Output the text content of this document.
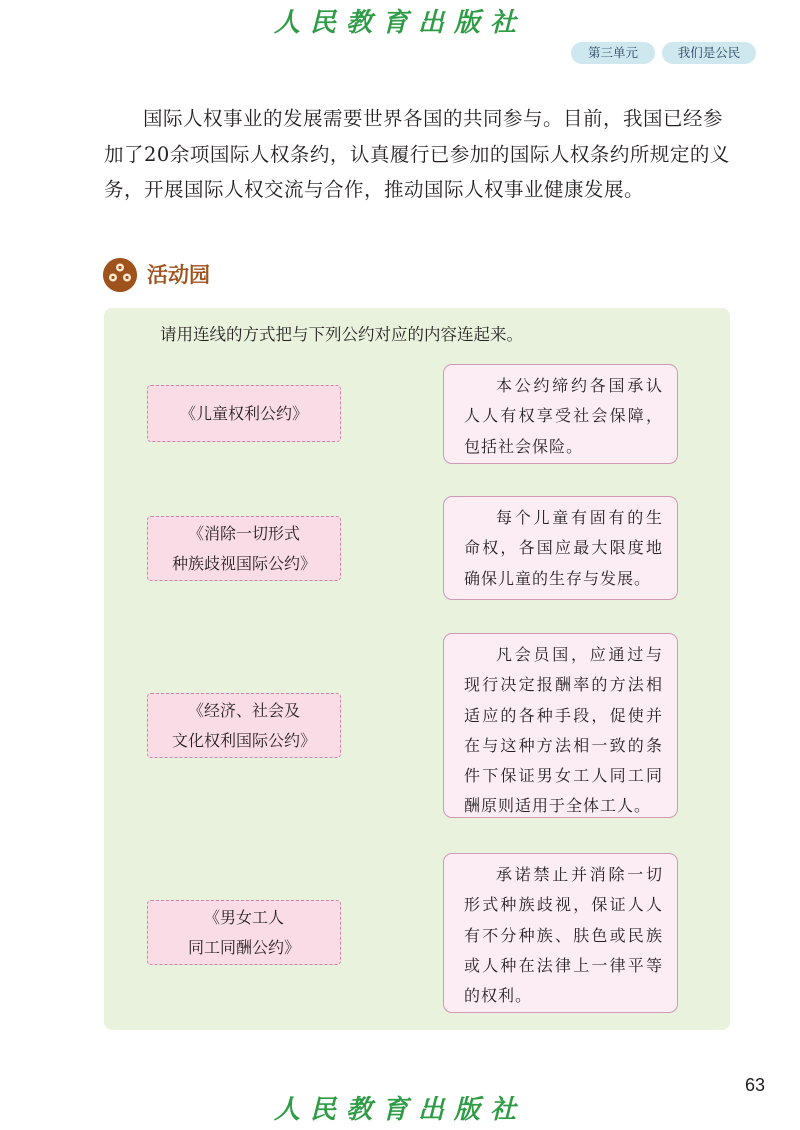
人民教育出版社
第三单元	我们是公民

国际人权事业的发展需要世界各国的共同参与。目前，我国已经参加了20余项国际人权条约，认真履行已参加的国际人权条约所规定的义务，开展国际人权交流与合作，推动国际人权事业健康发展。

活动园

请用连线的方式把与下列公约对应的内容连起来。

《儿童权利公约》
《消除一切形式
种族歧视国际公约》
《经济、社会及
文化权利国际公约》
《男女工人
同工同酬公约》

本公约缔约各国承认人人有权享受社会保障，包括社会保险。

每个儿童有固有的生命权，各国应最大限度地确保儿童的生存与发展。

凡会员国，应通过与现行决定报酬率的方法相适应的各种手段，促使并在与这种方法相一致的条件下保证男女工人同工同酬原则适用于全体工人。

承诺禁止并消除一切形式种族歧视，保证人人有不分种族、肤色或民族或人种在法律上一律平等的权利。

63
人民教育出版社
